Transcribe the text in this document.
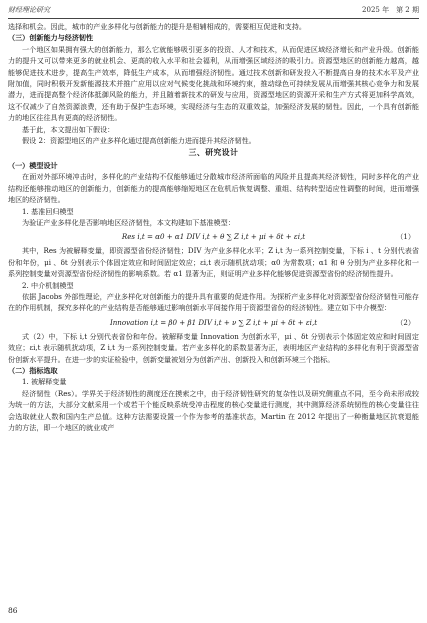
财经理论研究	2025 年　第 2 期

选择和机会。因此，城市的产业多样化与创新能力的提升是相辅相成的，需要相互促进和支持。

（三）创新能力与经济韧性

一个地区如果拥有强大的创新能力，那么它就能够吸引更多的投资、人才和技术，从而促进区域经济增长和产业升级。创新能力的提升又可以带来更多的就业机会、更高的收入水平和社会福利，从而增强区域经济的吸引力。资源型地区的创新能力越高，越能够促进技术进步，提高生产效率，降低生产成本，从而增强经济韧性。通过技术创新和研发投入不断提高自身的技术水平及产业附加值，同时积极开发新能源技术并推广应用以应对气候变化挑战和环境约束，推动绿色可持续发展从而增强其核心竞争力和发展潜力，进而提高整个经济体抵御风险的能力，并且随着新技术的研发与应用，资源型地区的资源开采和生产方式将更加科学高效，这不仅减少了自然资源浪费，还有助于保护生态环境，实现经济与生态的双重效益，加强经济发展的韧性。因此，一个具有创新能力的地区往往具有更高的经济韧性。

基于此，本文提出如下假设：

假设 2：资源型地区的产业多样化通过提高创新能力进而提升其经济韧性。

三、研究设计

（一）模型设计

在面对外部环境冲击时，多样化的产业结构不仅能够通过分散城市经济所面临的风险并且提高其经济韧性，同时多样化的产业结构还能够推动地区的创新能力，创新能力的提高能够缩短地区在危机后恢复调整、重组、结构转型适应性调整的时间，进而增强地区的经济韧性。

1. 基准回归模型

为验证产业多样化是否影响地区经济韧性，本文构建如下基准模型：

Res i,t = α0 + α1 DIV i,t + θ ∑ Z i,t + μi + δt + εi,t	（1）

其中，Res 为被解释变量，即资源型省份经济韧性；DIV 为产业多样化水平；Z i,t 为一系列控制变量，下标 i 、t 分别代表省份和年份，μi 、δt 分别表示个体固定效应和时间固定效应；εi,t 表示随机扰动项；α0 为常数项；α1 和 θ 分别为产业多样化和一系列控制变量对资源型省份经济韧性的影响系数。若 α1 显著为正，则证明产业多样化能够促进资源型省份的经济韧性提升。

2. 中介机制模型

依据 Jacobs 外部性理论，产业多样化对创新能力的提升具有重要的促进作用。为探析产业多样化对资源型省份经济韧性可能存在的作用机制，探究多样化的产业结构是否能够通过影响创新水平间接作用于资源型省份的经济韧性。建立如下中介模型：

Innovation i,t = β0 + β1 DIV i,t + ν ∑ Z i,t + μi + δt + εi,t	（2）

式（2）中，下标 i,t 分别代表省份和年份。被解释变量 Innovation 为创新水平，μi 、δt 分别表示个体固定效应和时间固定效应；εi,t 表示随机扰动项，Z i,t 为一系列控制变量。若产业多样化的系数显著为正，表明地区产业结构的多样化有利于资源型省份创新水平提升。在进一步的实证检验中，创新变量被划分为创新产出、创新投入和创新环境三个指标。

（二）指标选取

1. 被解释变量

经济韧性（Res）。学界关于经济韧性的测度还在摸索之中，由于经济韧性研究的复杂性以及研究侧重点不同，至今尚未形成较为统一的方法，大部分文献采用一个或若干个能反映系统受冲击程度的核心变量进行测度，其中测算经济系统韧性的核心变量往往会选取就业人数和国内生产总值。这种方法需要设置一个作为参考的基准状态，Martin 在 2012 年提出了一种衡量地区抗衰退能力的方法，即一个地区的就业或产

86
